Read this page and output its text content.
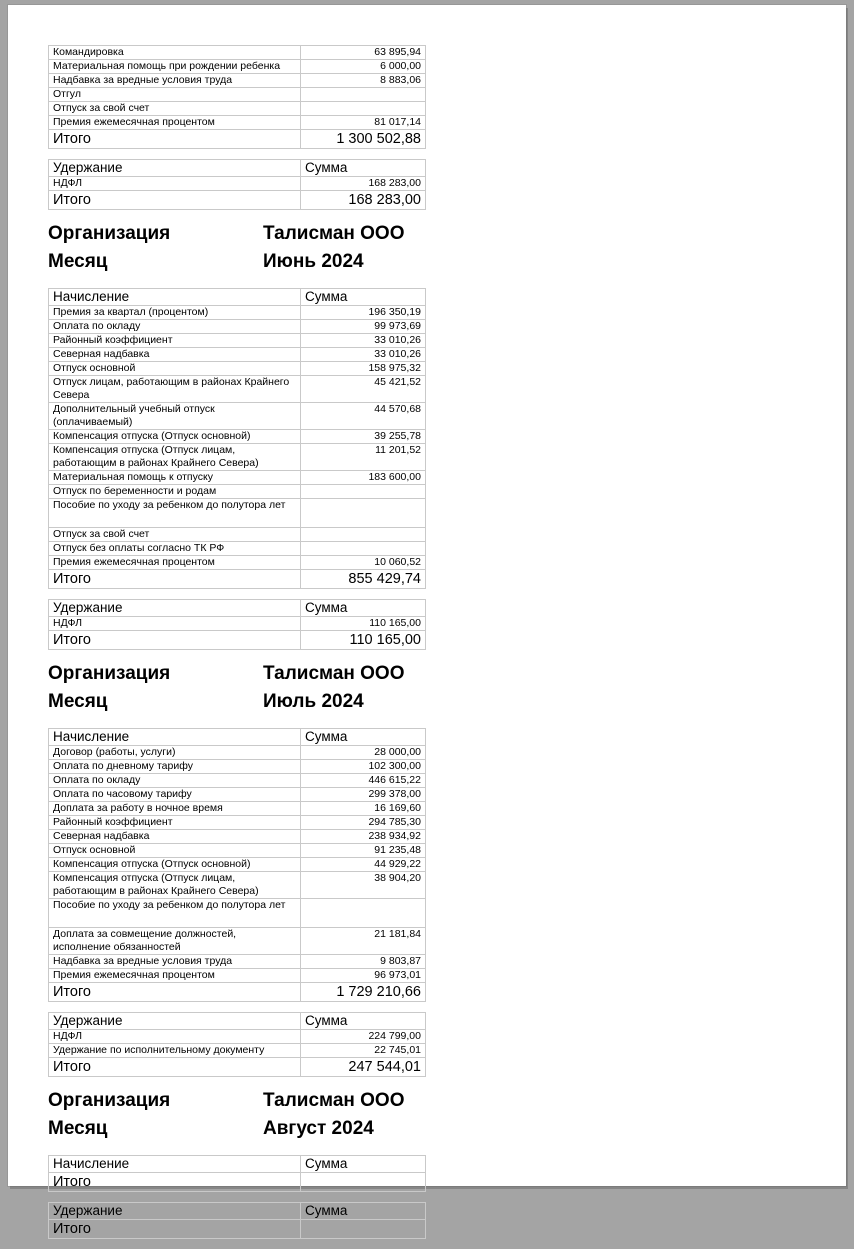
Командировка	63 895,94
Материальная помощь при рождении ребенка	6 000,00
Надбавка за вредные условия труда	8 883,06
Отгул	
Отпуск за свой счет	
Премия ежемесячная процентом	81 017,14
Итого	1 300 502,88
Удержание	Сумма
НДФЛ	168 283,00
Итого	168 283,00
Организация	Талисман ООО
Месяц	Июнь 2024
Начисление	Сумма
Премия за квартал (процентом)	196 350,19
Оплата по окладу	99 973,69
Районный коэффициент	33 010,26
Северная надбавка	33 010,26
Отпуск основной	158 975,32
Отпуск лицам, работающим в районах Крайнего Севера	45 421,52
Дополнительный учебный отпуск (оплачиваемый)	44 570,68
Компенсация отпуска (Отпуск основной)	39 255,78
Компенсация отпуска (Отпуск лицам, работающим в районах Крайнего Севера)	11 201,52
Материальная помощь к отпуску	183 600,00
Отпуск по беременности и родам	
Пособие по уходу за ребенком до полутора лет	
Отпуск за свой счет	
Отпуск без оплаты согласно ТК РФ	
Премия ежемесячная процентом	10 060,52
Итого	855 429,74
Удержание	Сумма
НДФЛ	110 165,00
Итого	110 165,00
Организация	Талисман ООО
Месяц	Июль 2024
Начисление	Сумма
Договор (работы, услуги)	28 000,00
Оплата по дневному тарифу	102 300,00
Оплата по окладу	446 615,22
Оплата по часовому тарифу	299 378,00
Доплата за работу в ночное время	16 169,60
Районный коэффициент	294 785,30
Северная надбавка	238 934,92
Отпуск основной	91 235,48
Компенсация отпуска (Отпуск основной)	44 929,22
Компенсация отпуска (Отпуск лицам, работающим в районах Крайнего Севера)	38 904,20
Пособие по уходу за ребенком до полутора лет	
Доплата за совмещение должностей, исполнение обязанностей	21 181,84
Надбавка за вредные условия труда	9 803,87
Премия ежемесячная процентом	96 973,01
Итого	1 729 210,66
Удержание	Сумма
НДФЛ	224 799,00
Удержание по исполнительному документу	22 745,01
Итого	247 544,01
Организация	Талисман ООО
Месяц	Август 2024
Начисление	Сумма
Итого	
Удержание	Сумма
Итого	
